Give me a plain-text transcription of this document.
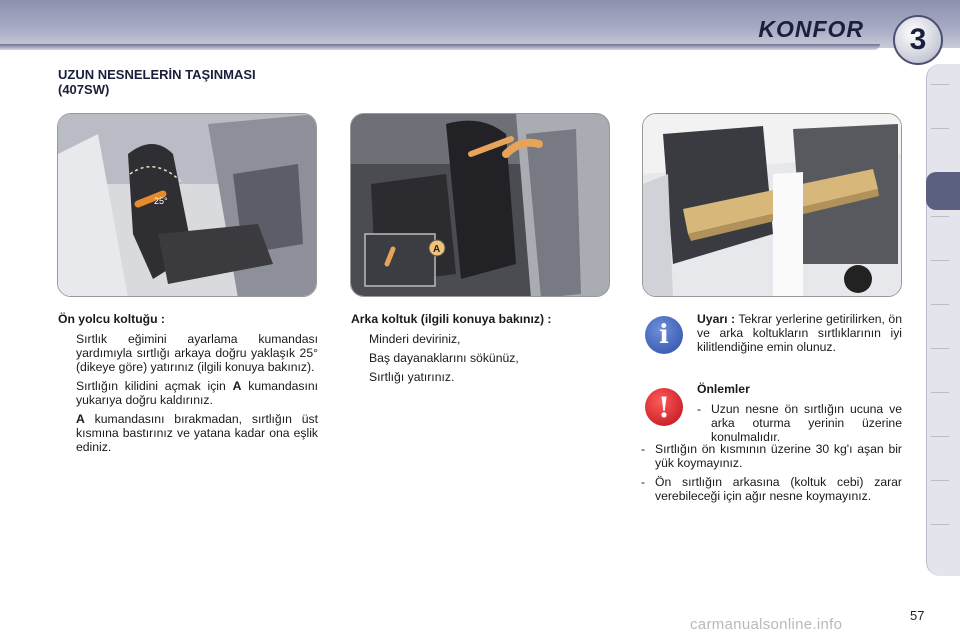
KONFOR	3
UZUN NESNELERİN TAŞINMASI (407SW)
25°
A
Ön yolcu koltuğu :
Sırtlık eğimini ayarlama kumandası yardımıyla sırtlığı arkaya doğru yaklaşık 25° (dikeye göre) yatırınız (ilgili konuya bakınız).
Sırtlığın kilidini açmak için A kumandasını yukarıya doğru kaldırınız.
A kumandasını bırakmadan, sırtlığın üst kısmına bastırınız ve yatana kadar ona eşlik ediniz.
Arka koltuk (ilgili konuya bakınız) :
Minderi deviriniz,
Baş dayanaklarını sökünüz,
Sırtlığı yatırınız.
i
Uyarı : Tekrar yerlerine getirilirken, ön ve arka koltukların sırtlıklarının iyi kilitlendiğine emin olunuz.
!
Önlemler
- Uzun nesne ön sırtlığın ucuna ve arka oturma yerinin üzerine konulmalıdır.
- Sırtlığın ön kısmının üzerine 30 kg'ı aşan bir yük koymayınız.
- Ön sırtlığın arkasına (koltuk cebi) zarar verebileceği için ağır nesne koymayınız.
57
carmanualsonline.info
